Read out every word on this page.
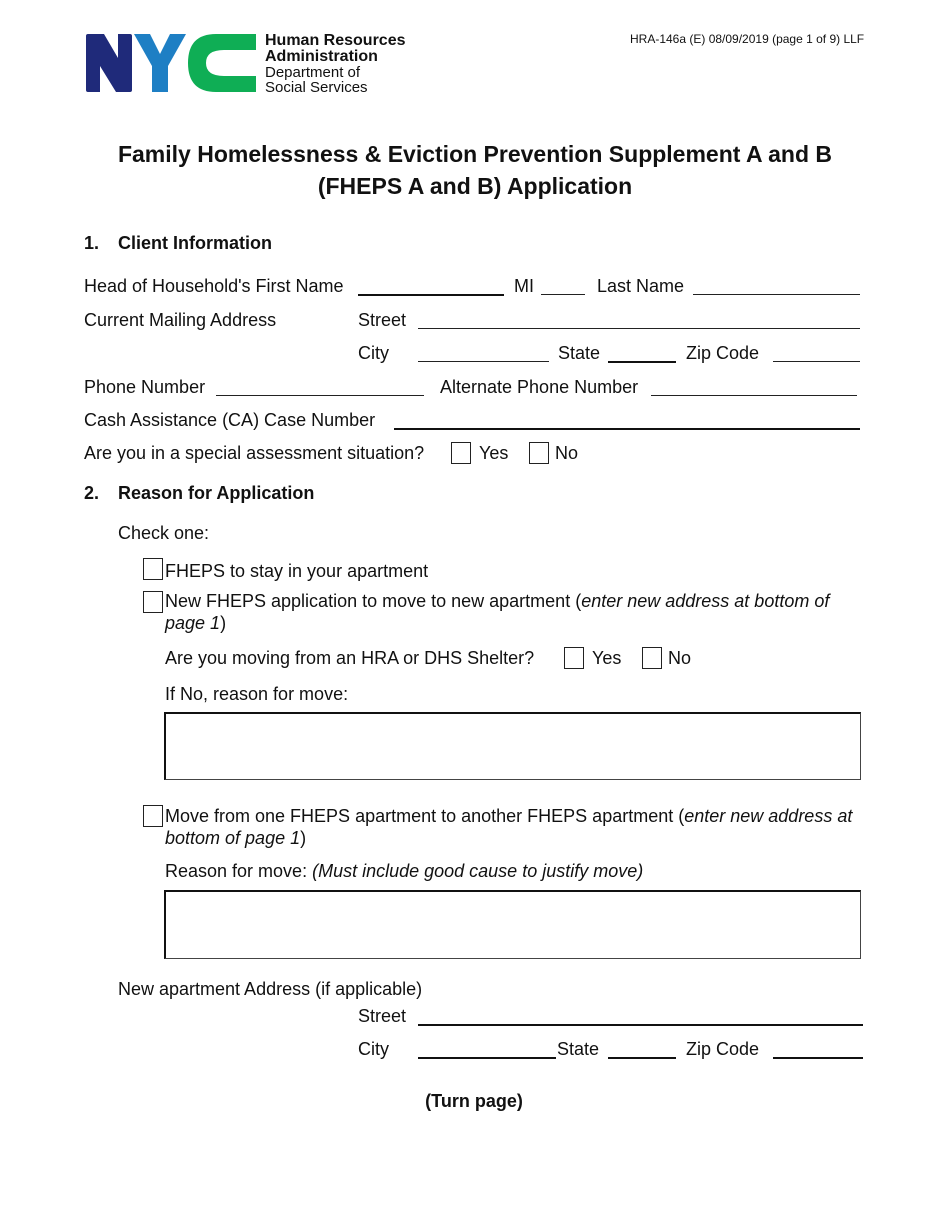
Human Resources
Administration
Department of
Social Services
HRA-146a (E) 08/09/2019 (page 1 of 9) LLF
Family Homelessness & Eviction Prevention Supplement A and B
(FHEPS A and B) Application
1. Client Information
Head of Household's First Name	MI	Last Name
Current Mailing Address	Street
City	State	Zip Code
Phone Number	Alternate Phone Number
Cash Assistance (CA) Case Number
Are you in a special assessment situation?	Yes	No
2. Reason for Application
Check one:
FHEPS to stay in your apartment
New FHEPS application to move to new apartment (enter new address at bottom of page 1)
Are you moving from an HRA or DHS Shelter?	Yes	No
If No, reason for move:
Move from one FHEPS apartment to another FHEPS apartment (enter new address at bottom of page 1)
Reason for move: (Must include good cause to justify move)
New apartment Address (if applicable)
Street
City	State	Zip Code
(Turn page)
